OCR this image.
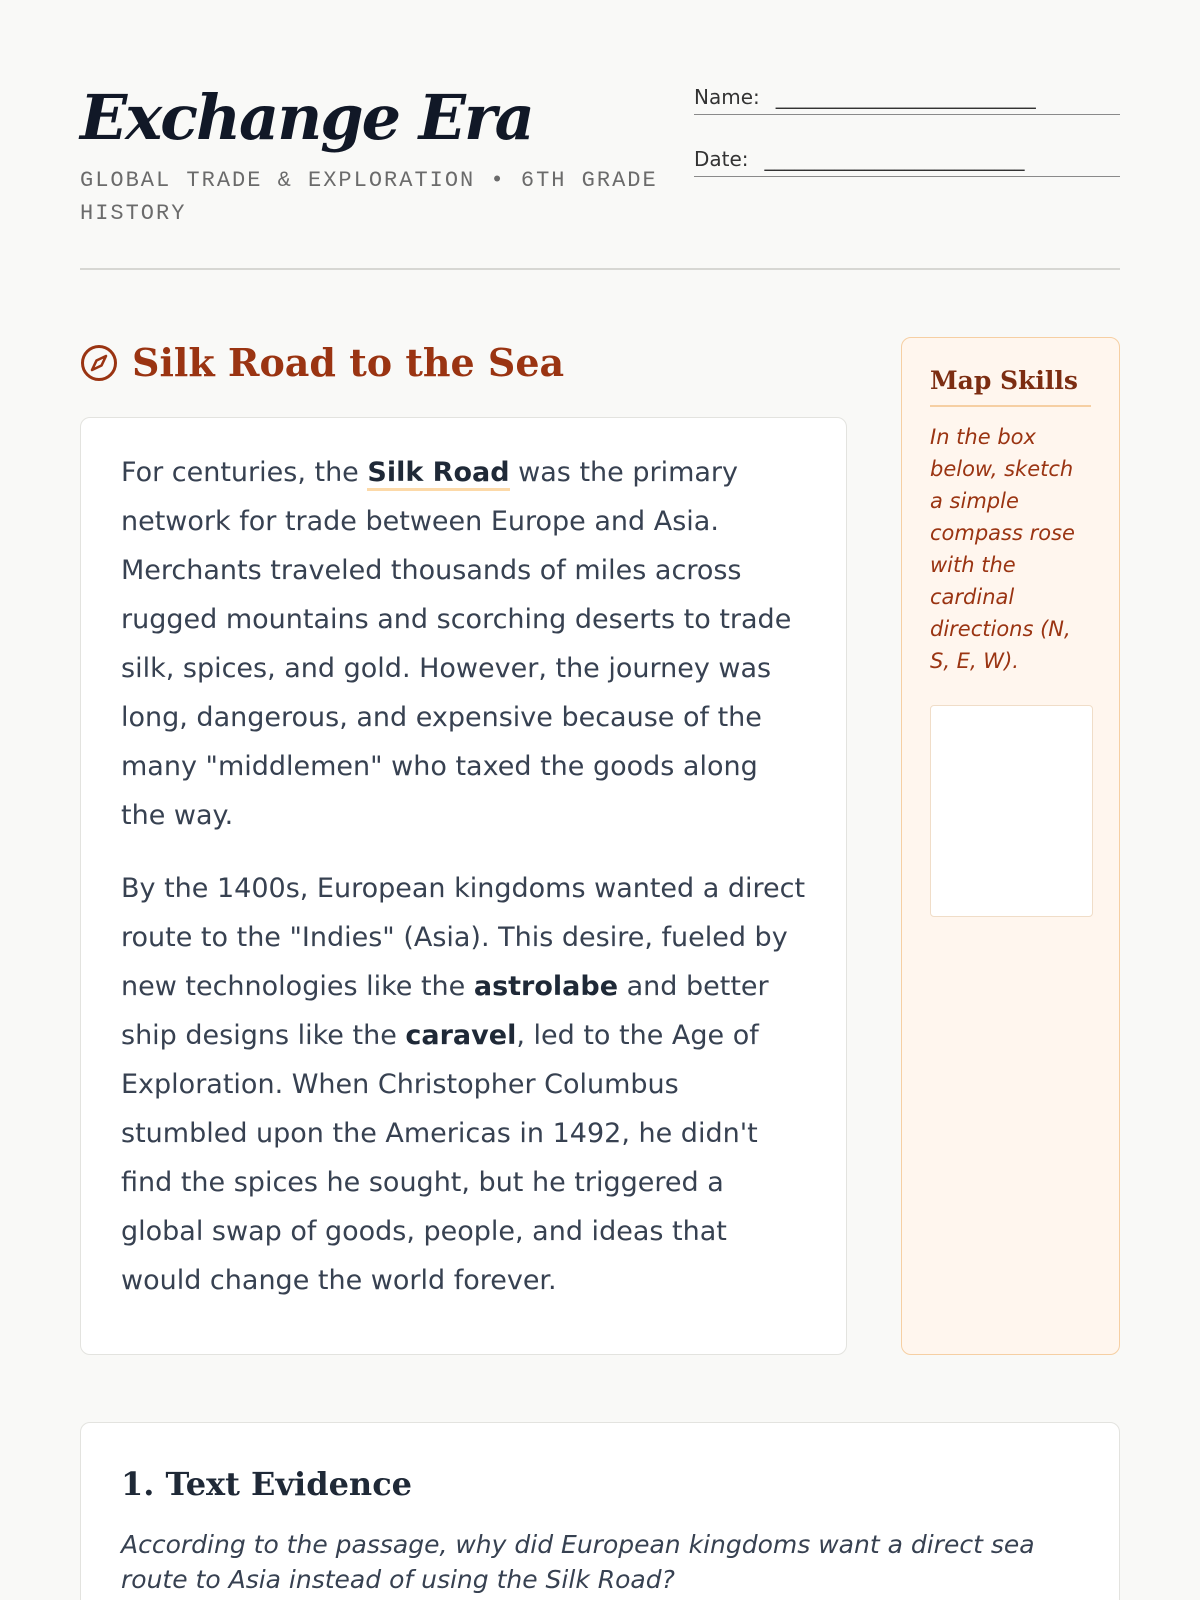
Exchange Era
GLOBAL TRADE & EXPLORATION • 6TH GRADE HISTORY
Name: __________________________
Date: __________________________
Silk Road to the Sea

For centuries, the Silk Road was the primary network for trade between Europe and Asia. Merchants traveled thousands of miles across rugged mountains and scorching deserts to trade silk, spices, and gold. However, the journey was long, dangerous, and expensive because of the many "middlemen" who taxed the goods along the way.

By the 1400s, European kingdoms wanted a direct route to the "Indies" (Asia). This desire, fueled by new technologies like the astrolabe and better ship designs like the caravel, led to the Age of Exploration. When Christopher Columbus stumbled upon the Americas in 1492, he didn't find the spices he sought, but he triggered a global swap of goods, people, and ideas that would change the world forever.

Map Skills
In the box below, sketch a simple compass rose with the cardinal directions (N, S, E, W).
1. Text Evidence
According to the passage, why did European kingdoms want a direct sea route to Asia instead of using the Silk Road?
